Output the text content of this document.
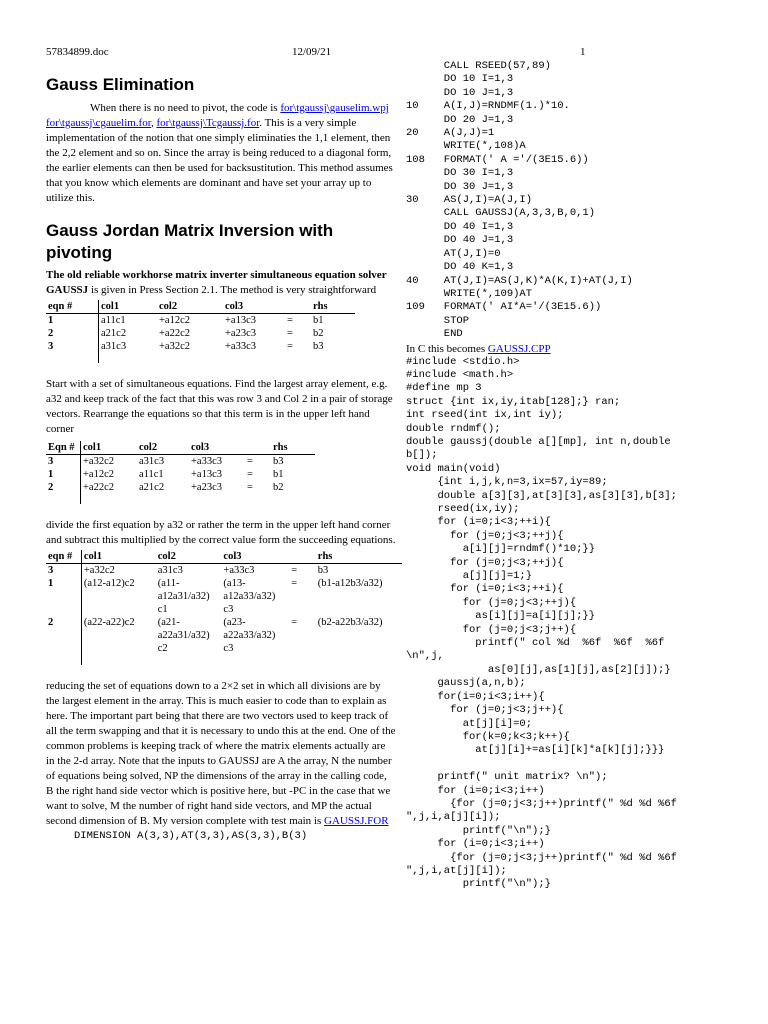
57834899.doc	12/09/21	1
Gauss Elimination

When there is no need to pivot, the code is for\tgaussj\gauselim.wpj for\tgaussj\cgauelim.for, for\tgaussj\Tcgaussj.for. This is a very simple implementation of the notion that one simply eliminaties the 1,1 element, then the 2,2 element and so on. Since the array is being reduced to a diagonal form, the earlier elements can then be used for backsustitution. This method assumes that you know which elements are dominant and have set your array up to utilize this.

Gauss Jordan Matrix Inversion with pivoting

The old reliable workhorse matrix inverter simultaneous equation solver GAUSSJ is given in Press Section 2.1. The method is very straightforward

eqn #	col1	col2	col3		rhs
1	a11c1	+a12c2	+a13c3	=	b1
2	a21c2	+a22c2	+a23c3	=	b2
3	a31c3	+a32c2	+a33c3	=	b3

Start with a set of simultaneous equations. Find the largest array element, e.g. a32 and keep track of the fact that this was row 3 and Col 2 in a pair of storage vectors. Rearrange the equations so that this term is in the upper left hand corner

Eqn #	col1	col2	col3		rhs
3	+a32c2	a31c3	+a33c3	=	b3
1	+a12c2	a11c1	+a13c3	=	b1
2	+a22c2	a21c2	+a23c3	=	b2

divide the first equation by a32 or rather the term in the upper left hand corner and subtract this multiplied by the correct value form the succeeding equations.

eqn #	col1	col2	col3		rhs
3	+a32c2	a31c3	+a33c3	=	b3
1	(a12-a12)c2	(a11- a12a31/a32) c1	(a13- a12a33/a32) c3	=	(b1-a12b3/a32)
2	(a22-a22)c2	(a21- a22a31/a32) c2	(a23- a22a33/a32) c3	=	(b2-a22b3/a32)

reducing the set of equations down to a 2×2 set in which all divisions are by the largest element in the array. This is much easier to code than to explain as here. The important part being that there are two vectors used to keep track of all the term swapping and that it is necessary to undo this at the end. One of the common problems is keeping track of where the matrix elements actually are in the 2-d array. Note that the inputs to GAUSSJ are A the array, N the number of equations being solved, NP the dimensions of the array in the calling code, B the right hand side vector which is positive here, but -PC in the case that we want to solve, M the number of right hand side vectors, and MP the actual second dimension of B. My version complete with test main is GAUSSJ.FOR

DIMENSION A(3,3),AT(3,3),AS(3,3),B(3)
CALL RSEED(57,89)
DO 10 I=1,3
DO 10 J=1,3
10    A(I,J)=RNDMF(1.)*10.
DO 20 J=1,3
20    A(J,J)=1
WRITE(*,108)A
108   FORMAT(' A ='/(3E15.6))
DO 30 I=1,3
DO 30 J=1,3
30    AS(J,I)=A(J,I)
CALL GAUSSJ(A,3,3,B,0,1)
DO 40 I=1,3
DO 40 J=1,3
AT(J,I)=0
DO 40 K=1,3
40    AT(J,I)=AS(J,K)*A(K,I)+AT(J,I)
WRITE(*,109)AT
109   FORMAT(' AI*A='/(3E15.6))
STOP
END

In C this becomes GAUSSJ.CPP

#include <stdio.h>
#include <math.h>
#define mp 3
struct {int ix,iy,itab[128];} ran;
int rseed(int ix,int iy);
double rndmf();
double gaussj(double a[][mp], int n,double
b[]);
void main(void)
{int i,j,k,n=3,ix=57,iy=89;
double a[3][3],at[3][3],as[3][3],b[3];
rseed(ix,iy);
for (i=0;i<3;++i){
for (j=0;j<3;++j){
a[i][j]=rndmf()*10;}}
for (j=0;j<3;++j){
a[j][j]=1;}
for (i=0;i<3;++i){
for (j=0;j<3;++j){
as[i][j]=a[i][j];}}
for (j=0;j<3;j++){
printf(" col %d  %6f  %6f  %6f
\n",j,
as[0][j],as[1][j],as[2][j]);}
gaussj(a,n,b);
for(i=0;i<3;i++){
for (j=0;j<3;j++){
at[j][i]=0;
for(k=0;k<3;k++){
at[j][i]+=as[i][k]*a[k][j];}}}

printf(" unit matrix? \n");
for (i=0;i<3;i++)
{for (j=0;j<3;j++)printf(" %d %d %6f
",j,i,a[j][i]);
printf("\n");}
for (i=0;i<3;i++)
{for (j=0;j<3;j++)printf(" %d %d %6f
",j,i,at[j][i]);
printf("\n");}
